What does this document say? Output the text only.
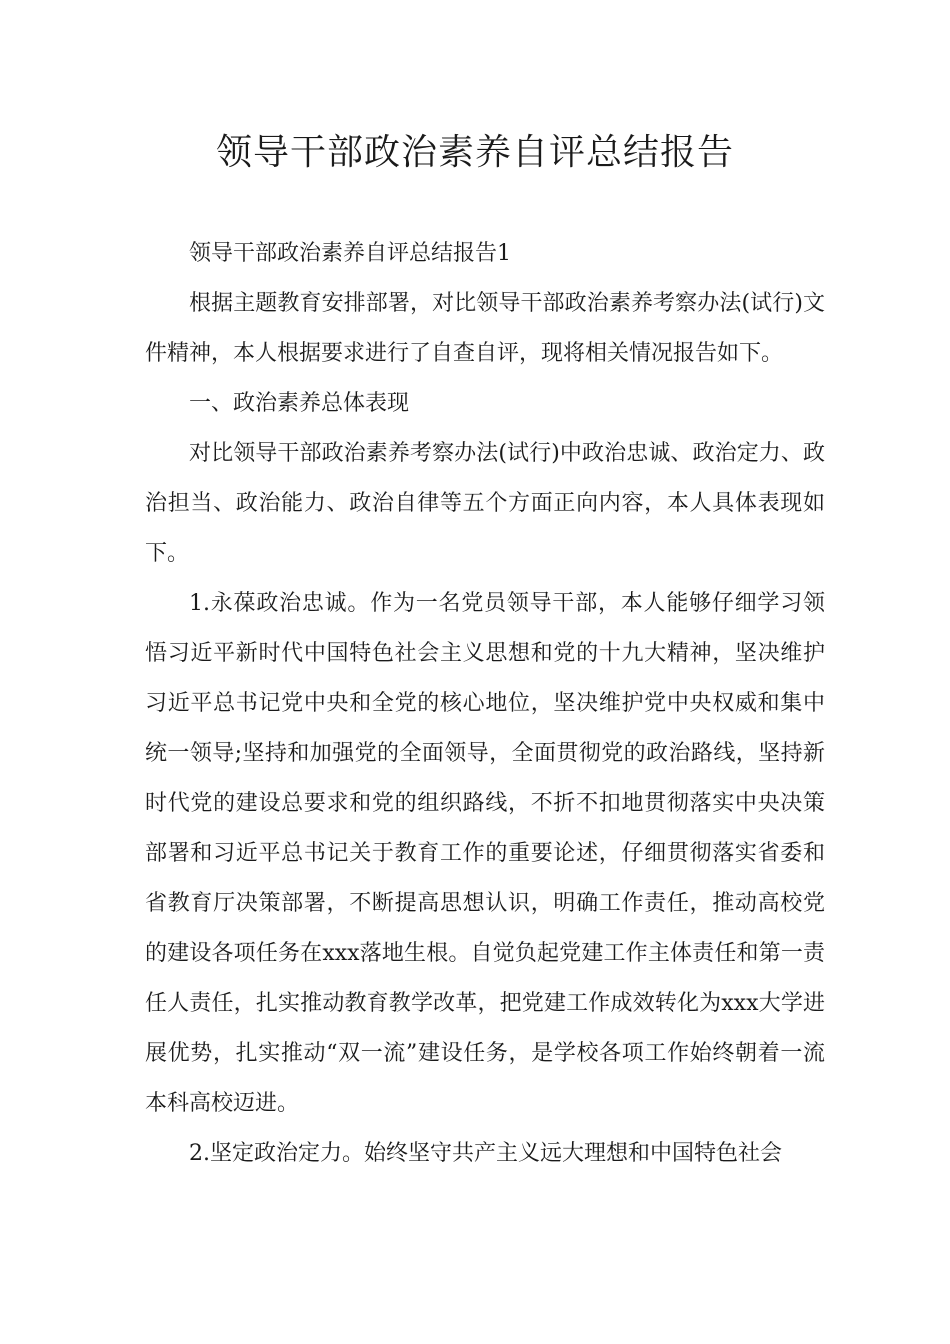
领导干部政治素养自评总结报告

领导干部政治素养自评总结报告1

根据主题教育安排部署，对比领导干部政治素养考察办法(试行)文件精神，本人根据要求进行了自查自评，现将相关情况报告如下。

一、政治素养总体表现

对比领导干部政治素养考察办法(试行)中政治忠诚、政治定力、政治担当、政治能力、政治自律等五个方面正向内容，本人具体表现如下。

1.永葆政治忠诚。作为一名党员领导干部，本人能够仔细学习领悟习近平新时代中国特色社会主义思想和党的十九大精神，坚决维护习近平总书记党中央和全党的核心地位，坚决维护党中央权威和集中统一领导;坚持和加强党的全面领导，全面贯彻党的政治路线，坚持新时代党的建设总要求和党的组织路线，不折不扣地贯彻落实中央决策部署和习近平总书记关于教育工作的重要论述，仔细贯彻落实省委和省教育厅决策部署，不断提高思想认识，明确工作责任，推动高校党的建设各项任务在xxx落地生根。自觉负起党建工作主体责任和第一责任人责任，扎实推动教育教学改革，把党建工作成效转化为xxx大学进展优势，扎实推动“双一流”建设任务，是学校各项工作始终朝着一流本科高校迈进。

2.坚定政治定力。始终坚守共产主义远大理想和中国特色社会
